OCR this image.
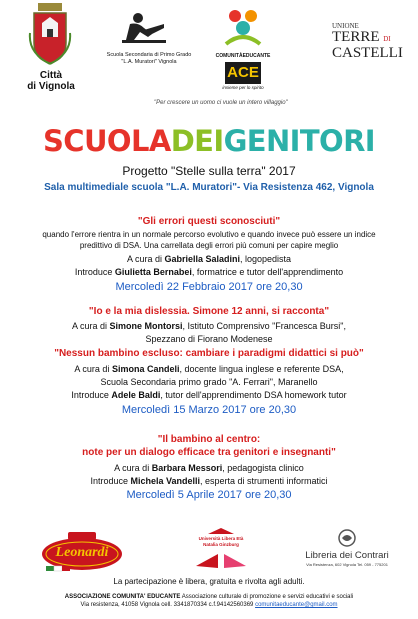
Città
di Vignola
Scuola Secondaria di Primo Grado
"L.A. Muratori" Vignola
COMUNITÀEDUCANTE
ACE
insieme per lo spirito
UNIONE
TERRE DI
CASTELLI
"Per crescere un uomo ci vuole un intero villaggio"
SCUOLADEIGENITORI
Progetto "Stelle sulla terra" 2017
Sala multimediale scuola "L.A. Muratori"- Via Resistenza 462, Vignola
"Gli errori questi sconosciuti"
quando l'errore rientra in un normale percorso evolutivo e quando invece può essere un indice
predittivo di DSA. Una carrellata degli errori più comuni per capire meglio
A cura di Gabriella Saladini, logopedista
Introduce Giulietta Bernabei, formatrice e tutor dell'apprendimento
Mercoledì 22 Febbraio 2017 ore 20,30
"Io e la mia dislessia. Simone 12 anni, si racconta"
A cura di Simone Montorsi, Istituto Comprensivo "Francesca Bursi",
Spezzano di Fiorano Modenese
"Nessun bambino escluso: cambiare i paradigmi didattici si può"
A cura di Simona Candeli, docente lingua inglese e referente DSA,
Scuola Secondaria primo grado "A. Ferrari", Maranello
Introduce Adele Baldi, tutor dell'apprendimento DSA homework tutor
Mercoledì 15 Marzo 2017 ore 20,30
"Il bambino al centro:
note per un dialogo efficace tra genitori e insegnanti"
A cura di Barbara Messori, pedagogista clinico
Introduce Michela Vandelli, esperta di strumenti informatici
Mercoledì 5 Aprile 2017 ore 20,30
Leonardi
Università Libera Età
Natalia Ginzburg
Libreria dei Contrari
Via Resistenza, 602 Vignola Tel. 059 - 775201
La partecipazione è libera, gratuita e rivolta agli adulti.
ASSOCIAZIONE COMUNITA' EDUCANTE Associazione culturale di promozione e servizi educativi e sociali
Via resistenza, 41058 Vignola cell. 3341870334 c.f.94142560369 comunitaeducante@gmail.com
